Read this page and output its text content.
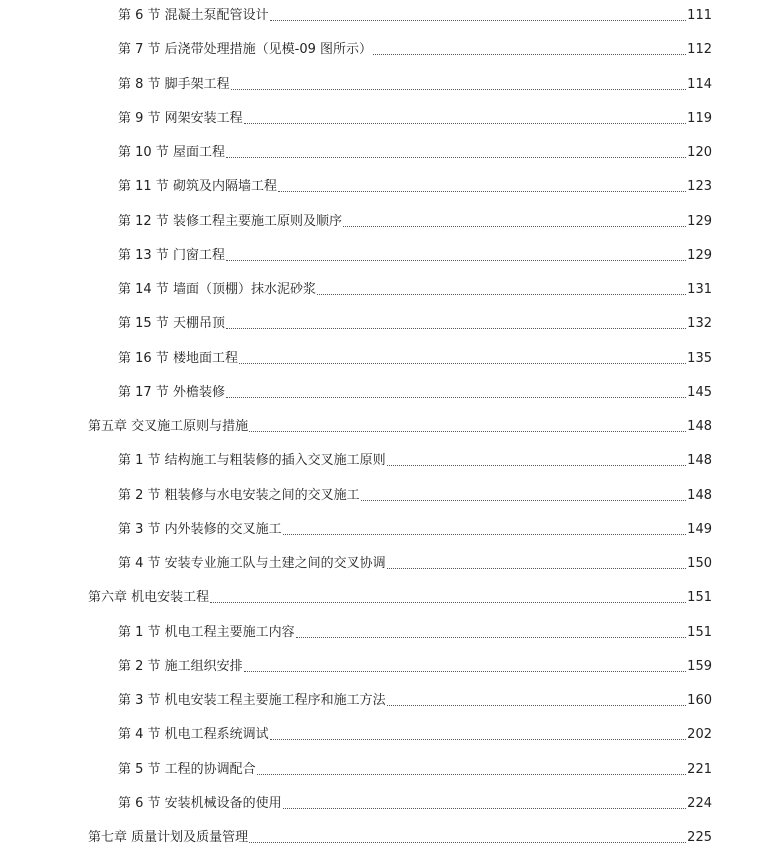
第 6 节 混凝土泵配管设计	111
第 7 节 后浇带处理措施（见模-09 图所示）	112
第 8 节 脚手架工程	114
第 9 节 网架安装工程	119
第 10 节 屋面工程	120
第 11 节 砌筑及内隔墙工程	123
第 12 节 装修工程主要施工原则及顺序	129
第 13 节 门窗工程	129
第 14 节 墙面（顶棚）抹水泥砂浆	131
第 15 节 天棚吊顶	132
第 16 节 楼地面工程	135
第 17 节 外檐装修	145
第五章 交叉施工原则与措施	148
第 1 节 结构施工与粗装修的插入交叉施工原则	148
第 2 节 粗装修与水电安装之间的交叉施工	148
第 3 节 内外装修的交叉施工	149
第 4 节 安装专业施工队与土建之间的交叉协调	150
第六章 机电安装工程	151
第 1 节 机电工程主要施工内容	151
第 2 节 施工组织安排	159
第 3 节 机电安装工程主要施工程序和施工方法	160
第 4 节 机电工程系统调试	202
第 5 节 工程的协调配合	221
第 6 节 安装机械设备的使用	224
第七章 质量计划及质量管理	225
